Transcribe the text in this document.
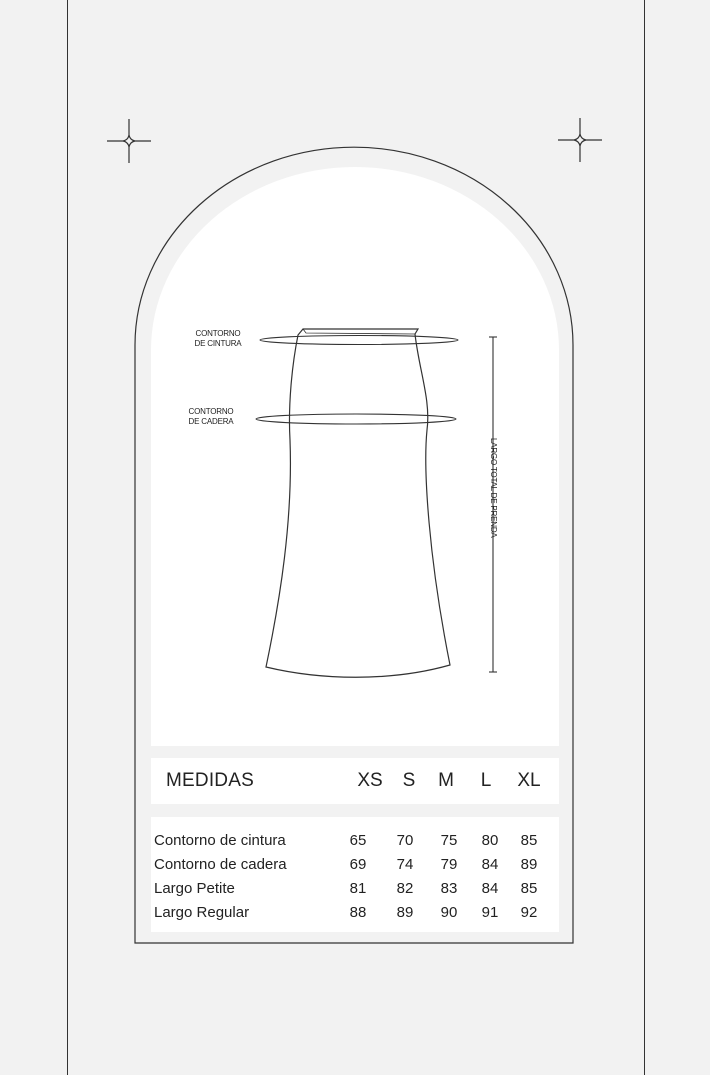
CONTORNO
DE CINTURA
CONTORNO
DE CADERA
LARGO TOTAL DE PRENDA
MEDIDAS	XS	S	M	L	XL
Contorno de cintura	65	70	75	80	85
Contorno de cadera	69	74	79	84	89
Largo Petite	81	82	83	84	85
Largo Regular	88	89	90	91	92
